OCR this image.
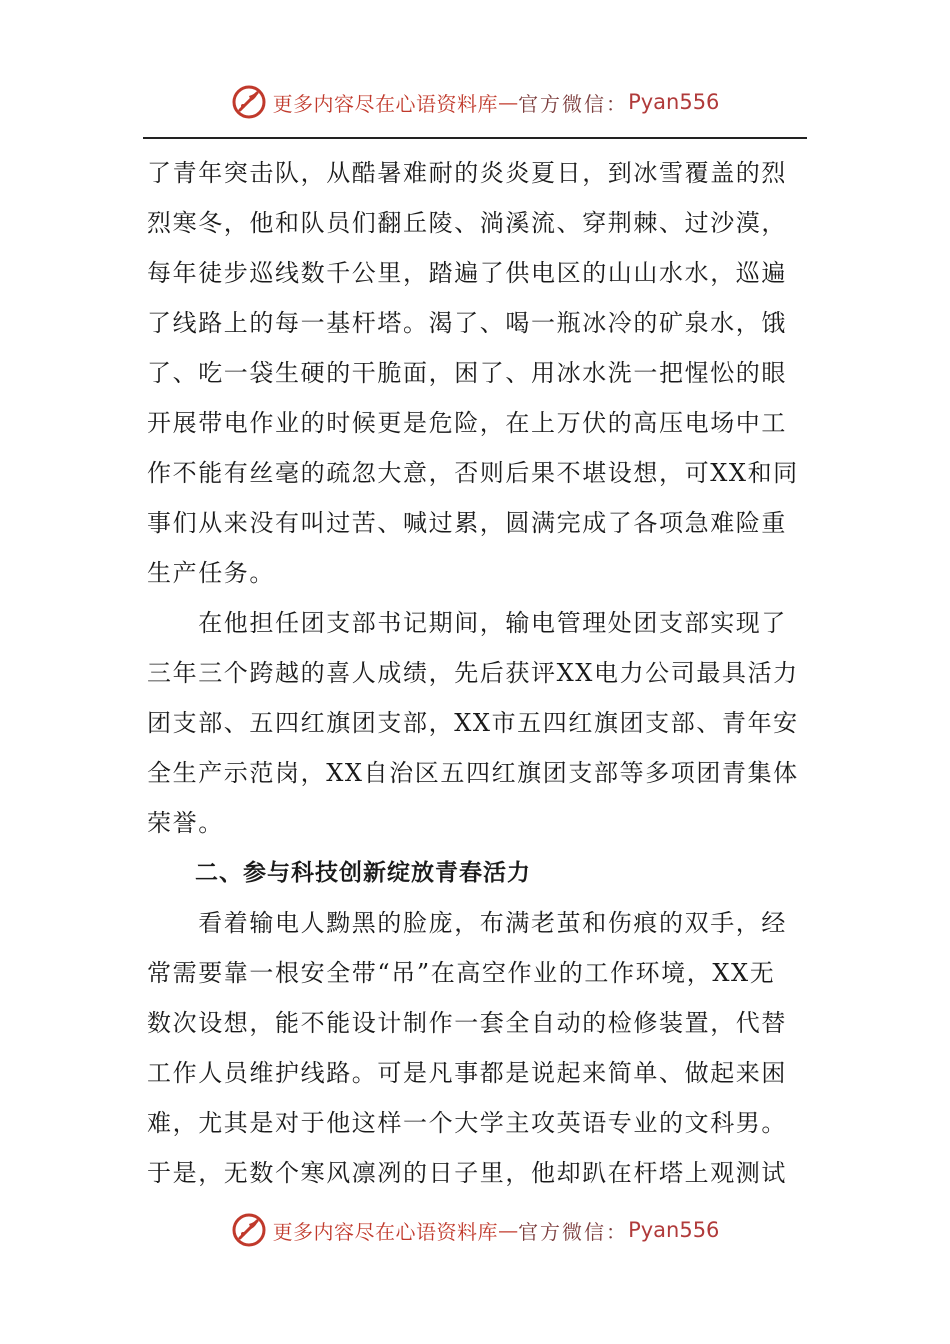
更多内容尽在心语资料库 — 官方微信： Pyan556
了青年突击队，从酷暑难耐的炎炎夏日，到冰雪覆盖的烈
烈寒冬，他和队员们翻丘陵、淌溪流、穿荆棘、过沙漠，
每年徒步巡线数千公里，踏遍了供电区的山山水水，巡遍
了线路上的每一基杆塔。渴了、喝一瓶冰冷的矿泉水，饿
了、吃一袋生硬的干脆面，困了、用冰水洗一把惺忪的眼
开展带电作业的时候更是危险，在上万伏的高压电场中工
作不能有丝毫的疏忽大意，否则后果不堪设想，可XX和同
事们从来没有叫过苦、喊过累，圆满完成了各项急难险重
生产任务。
　　在他担任团支部书记期间，输电管理处团支部实现了
三年三个跨越的喜人成绩，先后获评XX电力公司最具活力
团支部、五四红旗团支部，XX市五四红旗团支部、青年安
全生产示范岗，XX自治区五四红旗团支部等多项团青集体
荣誉。
　　二、参与科技创新绽放青春活力
　　看着输电人黝黑的脸庞，布满老茧和伤痕的双手，经
常需要靠一根安全带“吊”在高空作业的工作环境，XX无
数次设想，能不能设计制作一套全自动的检修装置，代替
工作人员维护线路。可是凡事都是说起来简单、做起来困
难，尤其是对于他这样一个大学主攻英语专业的文科男。
于是，无数个寒风凛冽的日子里，他却趴在杆塔上观测试
更多内容尽在心语资料库 — 官方微信： Pyan556
